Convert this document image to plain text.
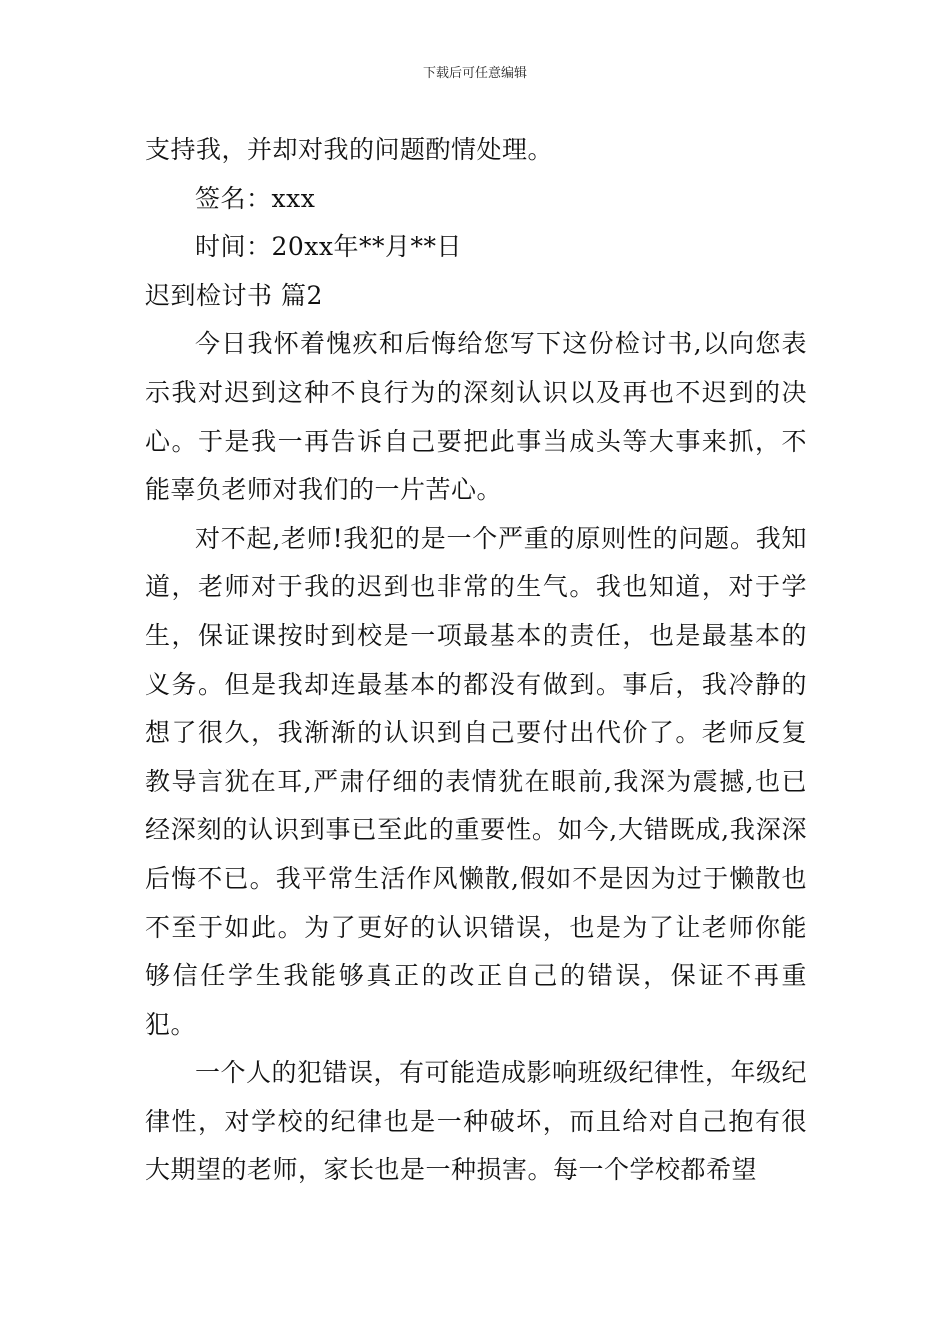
下载后可任意编辑

支持我，并却对我的问题酌情处理。

签名：xxx

时间：20xx年**月**日

迟到检讨书 篇2

今日我怀着愧疚和后悔给您写下这份检讨书,以向您表示我对迟到这种不良行为的深刻认识以及再也不迟到的决心。于是我一再告诉自己要把此事当成头等大事来抓，不能辜负老师对我们的一片苦心。

对不起,老师!我犯的是一个严重的原则性的问题。我知道，老师对于我的迟到也非常的生气。我也知道，对于学生，保证课按时到校是一项最基本的责任，也是最基本的义务。但是我却连最基本的都没有做到。事后，我冷静的想了很久，我渐渐的认识到自己要付出代价了。老师反复教导言犹在耳,严肃仔细的表情犹在眼前,我深为震撼,也已经深刻的认识到事已至此的重要性。如今,大错既成,我深深后悔不已。我平常生活作风懒散,假如不是因为过于懒散也不至于如此。为了更好的认识错误，也是为了让老师你能够信任学生我能够真正的改正自己的错误，保证不再重犯。

一个人的犯错误，有可能造成影响班级纪律性，年级纪律性，对学校的纪律也是一种破坏，而且给对自己抱有很大期望的老师，家长也是一种损害。每一个学校都希望
